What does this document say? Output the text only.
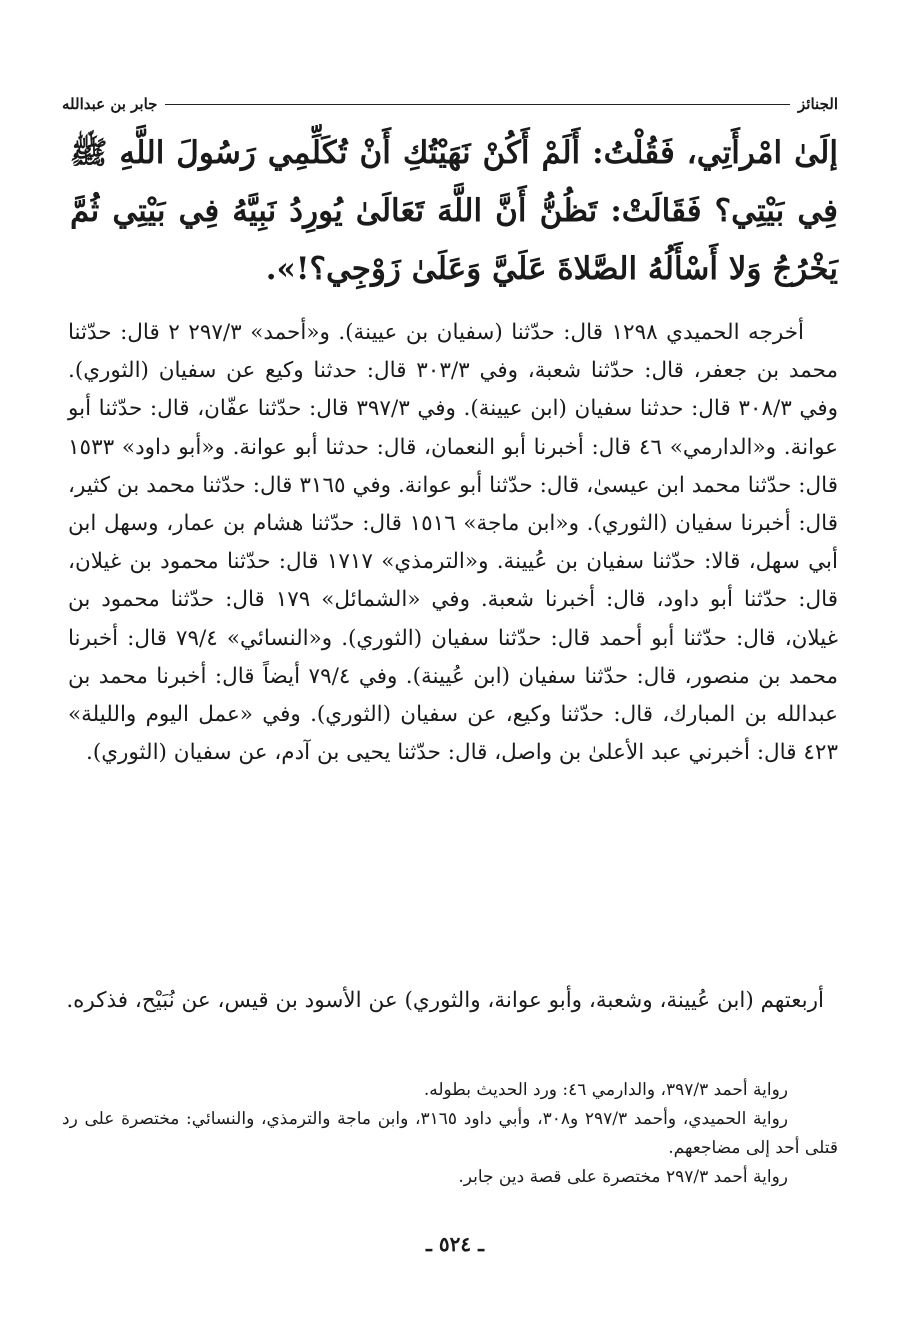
الجنائز
جابر بن عبدالله
إلَىٰ امْرأَتِي، فَقُلْتُ: أَلَمْ أَكُنْ نَهَيْتُكِ أَنْ تُكَلِّمِي رَسُولَ اللَّهِ ﷺ فِي بَيْتِي؟ فَقَالَتْ: تَظُنُّ أَنَّ اللَّهَ تَعَالَىٰ يُورِدُ نَبِيَّهُ فِي بَيْتِي ثُمَّ يَخْرُجُ وَلا أَسْأَلُهُ الصَّلاةَ عَلَيَّ وَعَلَىٰ زَوْجِي؟!».

أخرجه الحميدي ١٢٩٨ قال: حدّثنا (سفيان بن عيينة). و«أحمد» ٢٩٧/٣ ٢ قال: حدّثنا محمد بن جعفر، قال: حدّثنا شعبة، وفي ٣٠٣/٣ قال: حدثنا وكيع عن سفيان (الثوري). وفي ٣٠٨/٣ قال: حدثنا سفيان (ابن عيينة). وفي ٣٩٧/٣ قال: حدّثنا عفّان، قال: حدّثنا أبو عوانة. و«الدارمي» ٤٦ قال: أخبرنا أبو النعمان، قال: حدثنا أبو عوانة. و«أبو داود» ١٥٣٣ قال: حدّثنا محمد ابن عيسىٰ، قال: حدّثنا أبو عوانة. وفي ٣١٦٥ قال: حدّثنا محمد بن كثير، قال: أخبرنا سفيان (الثوري). و«ابن ماجة» ١٥١٦ قال: حدّثنا هشام بن عمار، وسهل ابن أبي سهل، قالا: حدّثنا سفيان بن عُيينة. و«الترمذي» ١٧١٧ قال: حدّثنا محمود بن غيلان، قال: حدّثنا أبو داود، قال: أخبرنا شعبة. وفي «الشمائل» ١٧٩ قال: حدّثنا محمود بن غيلان، قال: حدّثنا أبو أحمد قال: حدّثنا سفيان (الثوري). و«النسائي» ٧٩/٤ قال: أخبرنا محمد بن منصور، قال: حدّثنا سفيان (ابن عُيينة). وفي ٧٩/٤ أيضاً قال: أخبرنا محمد بن عبدالله بن المبارك، قال: حدّثنا وكيع، عن سفيان (الثوري). وفي «عمل اليوم والليلة» ٤٢٣ قال: أخبرني عبد الأعلىٰ بن واصل، قال: حدّثنا يحيى بن آدم، عن سفيان (الثوري).

أربعتهم (ابن عُيينة، وشعبة، وأبو عوانة، والثوري) عن الأسود بن قيس، عن نُبَيْح، فذكره.

رواية أحمد ٣٩٧/٣، والدارمي ٤٦: ورد الحديث بطوله.

رواية الحميدي، وأحمد ٢٩٧/٣ و٣٠٨، وأبي داود ٣١٦٥، وابن ماجة والترمذي، والنسائي: مختصرة على رد قتلى أحد إلى مضاجعهم.

رواية أحمد ٢٩٧/٣ مختصرة على قصة دين جابر.

ـ ٥٢٤ ـ
